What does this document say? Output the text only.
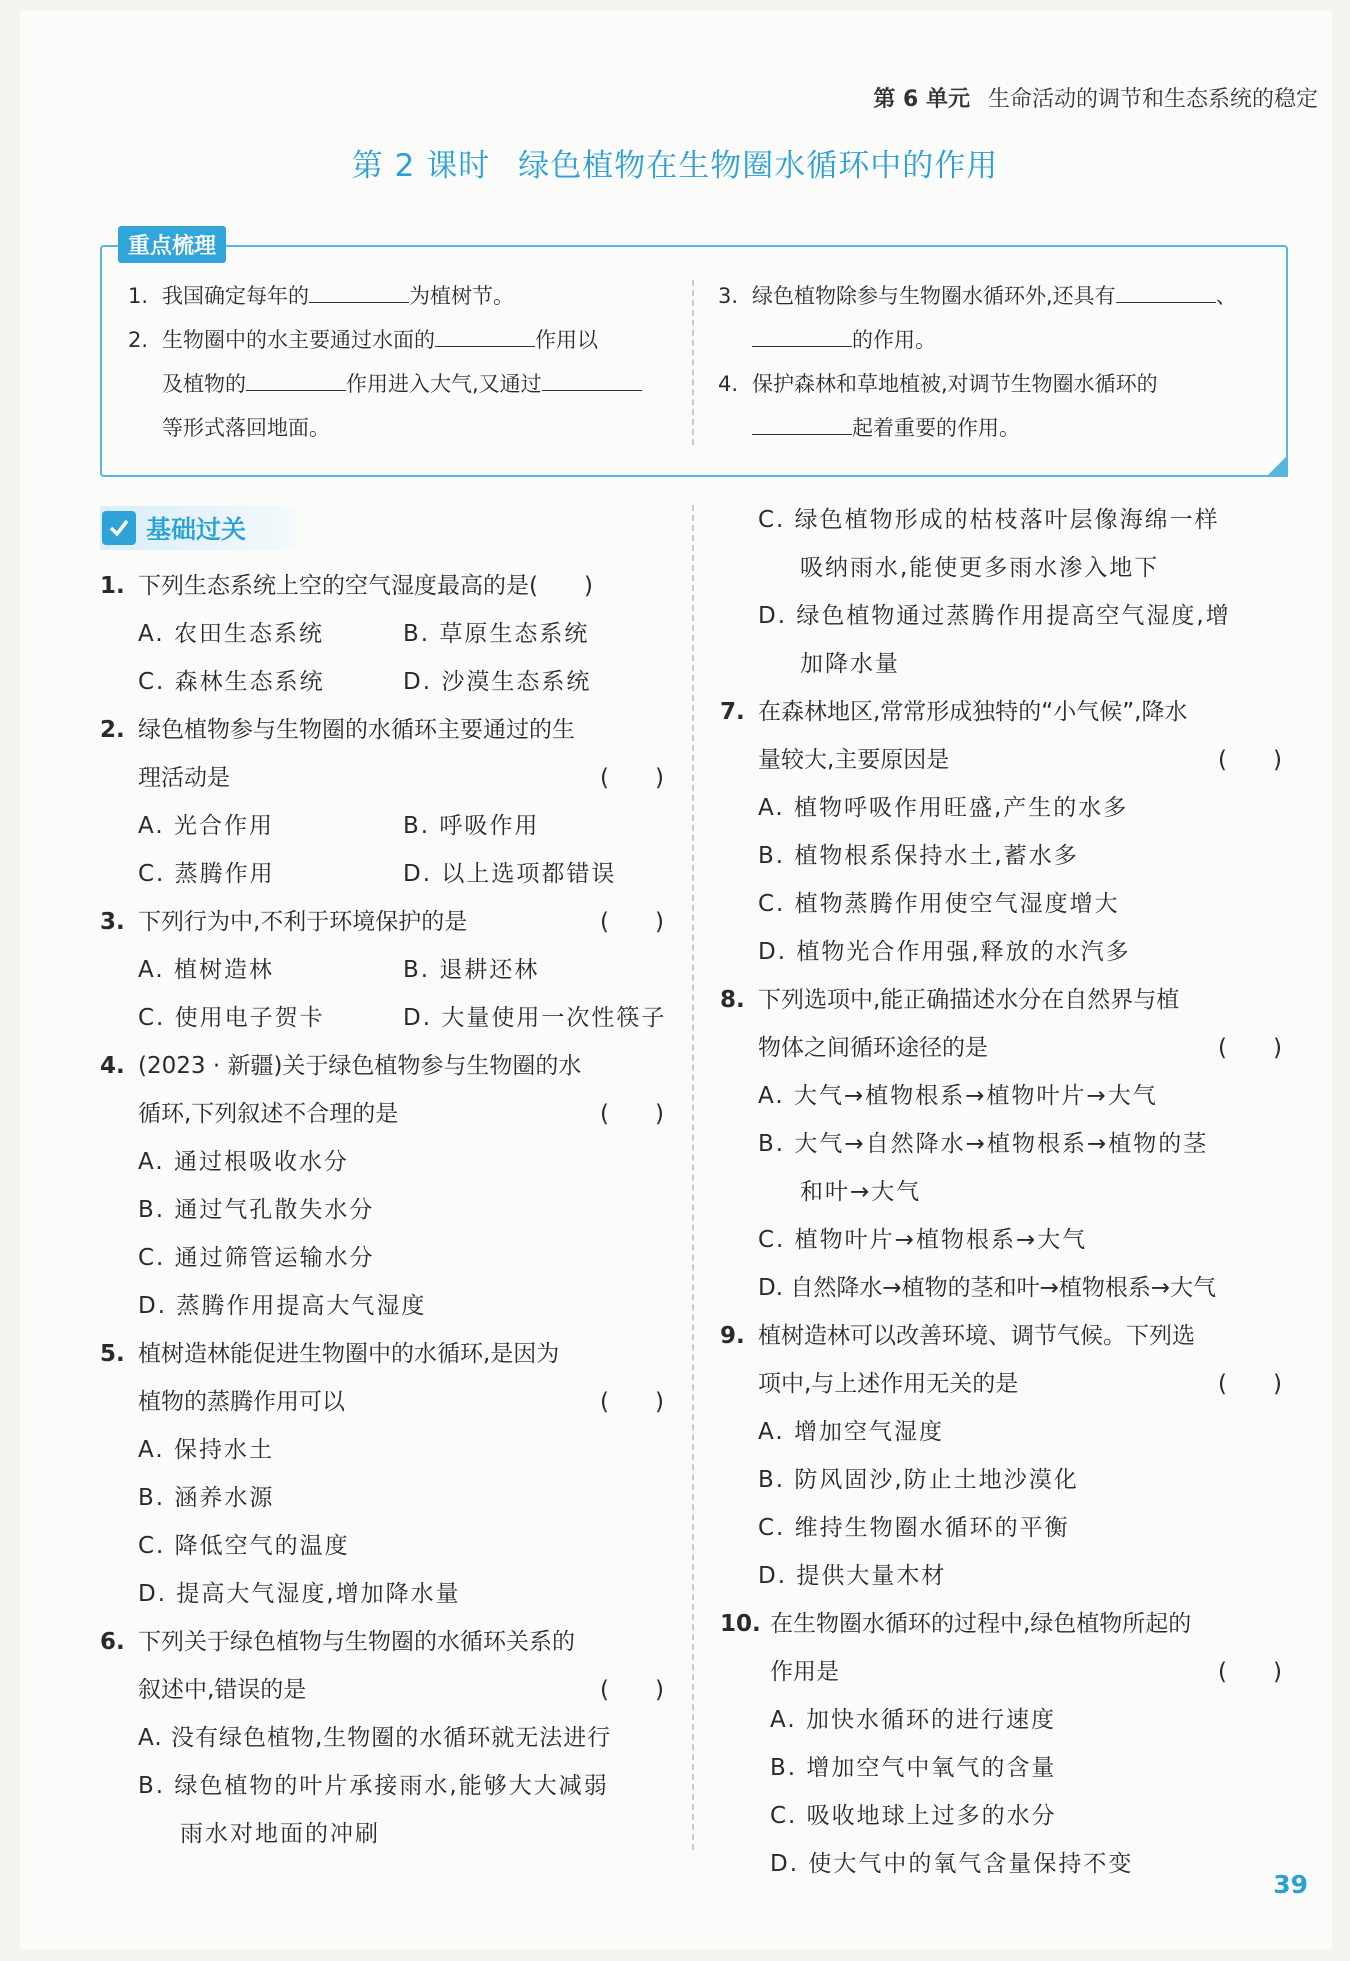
第 6 单元 生命活动的调节和生态系统的稳定
第 2 课时 绿色植物在生物圈水循环中的作用
重点梳理
1. 我国确定每年的	为植树节。
2. 生物圈中的水主要通过水面的	作用以
及植物的	作用进入大气,又通过
等形式落回地面。
3. 绿色植物除参与生物圈水循环外,还具有	、
的作用。
4. 保护森林和草地植被,对调节生物圈水循环的
起着重要的作用。
基础过关
1. 下列生态系统上空的空气湿度最高的是(　　)
A. 农田生态系统	B. 草原生态系统
C. 森林生态系统	D. 沙漠生态系统
2. 绿色植物参与生物圈的水循环主要通过的生
理活动是	(　　)
A. 光合作用	B. 呼吸作用
C. 蒸腾作用	D. 以上选项都错误
3. 下列行为中,不利于环境保护的是	(　　)
A. 植树造林	B. 退耕还林
C. 使用电子贺卡	D. 大量使用一次性筷子
4. (2023 · 新疆)关于绿色植物参与生物圈的水
循环,下列叙述不合理的是	(　　)
A. 通过根吸收水分
B. 通过气孔散失水分
C. 通过筛管运输水分
D. 蒸腾作用提高大气湿度
5. 植树造林能促进生物圈中的水循环,是因为
植物的蒸腾作用可以	(　　)
A. 保持水土
B. 涵养水源
C. 降低空气的温度
D. 提高大气湿度,增加降水量
6. 下列关于绿色植物与生物圈的水循环关系的
叙述中,错误的是	(　　)
A. 没有绿色植物,生物圈的水循环就无法进行
B. 绿色植物的叶片承接雨水,能够大大减弱
雨水对地面的冲刷
C. 绿色植物形成的枯枝落叶层像海绵一样
吸纳雨水,能使更多雨水渗入地下
D. 绿色植物通过蒸腾作用提高空气湿度,增
加降水量
7. 在森林地区,常常形成独特的“小气候”,降水
量较大,主要原因是	(　　)
A. 植物呼吸作用旺盛,产生的水多
B. 植物根系保持水土,蓄水多
C. 植物蒸腾作用使空气湿度增大
D. 植物光合作用强,释放的水汽多
8. 下列选项中,能正确描述水分在自然界与植
物体之间循环途径的是	(　　)
A. 大气→植物根系→植物叶片→大气
B. 大气→自然降水→植物根系→植物的茎
和叶→大气
C. 植物叶片→植物根系→大气
D. 自然降水→植物的茎和叶→植物根系→大气
9. 植树造林可以改善环境、调节气候。下列选
项中,与上述作用无关的是	(　　)
A. 增加空气湿度
B. 防风固沙,防止土地沙漠化
C. 维持生物圈水循环的平衡
D. 提供大量木材
10. 在生物圈水循环的过程中,绿色植物所起的
作用是	(　　)
A. 加快水循环的进行速度
B. 增加空气中氧气的含量
C. 吸收地球上过多的水分
D. 使大气中的氧气含量保持不变
39
